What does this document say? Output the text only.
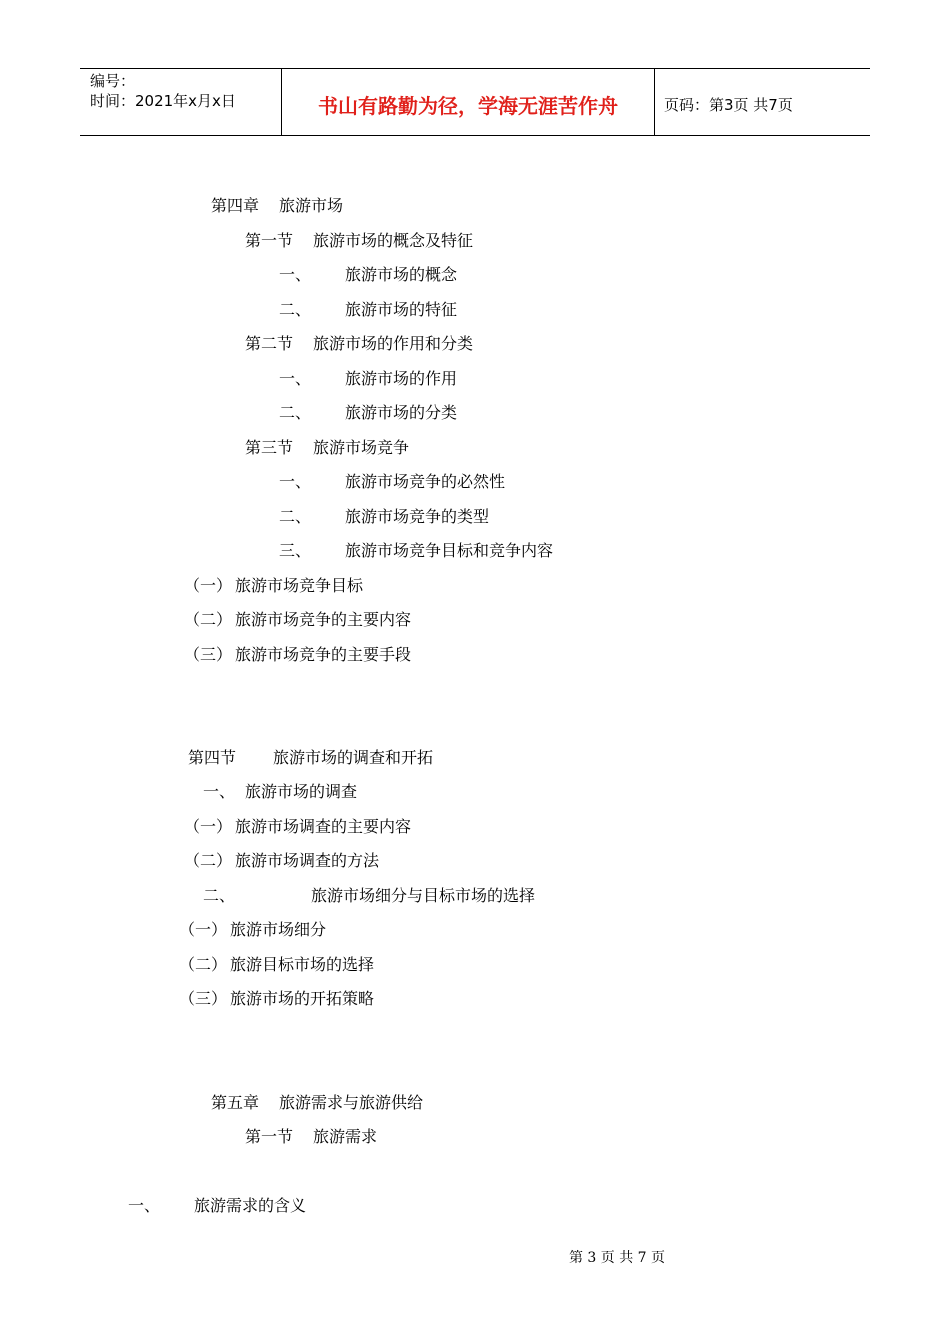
编号：
时间：2021年x月x日	书山有路勤为径，学海无涯苦作舟	页码：第3页 共7页
第四章 旅游市场
第一节 旅游市场的概念及特征
一、 旅游市场的概念
二、 旅游市场的特征
第二节 旅游市场的作用和分类
一、 旅游市场的作用
二、 旅游市场的分类
第三节 旅游市场竞争
一、 旅游市场竞争的必然性
二、 旅游市场竞争的类型
三、 旅游市场竞争目标和竞争内容
（一） 旅游市场竞争目标
（二） 旅游市场竞争的主要内容
（三） 旅游市场竞争的主要手段
第四节 旅游市场的调查和开拓
一、 旅游市场的调查
（一） 旅游市场调查的主要内容
（二） 旅游市场调查的方法
二、	旅游市场细分与目标市场的选择
（一） 旅游市场细分
（二） 旅游目标市场的选择
（三） 旅游市场的开拓策略
第五章 旅游需求与旅游供给
第一节 旅游需求
一、 旅游需求的含义
第 3 页 共 7 页
